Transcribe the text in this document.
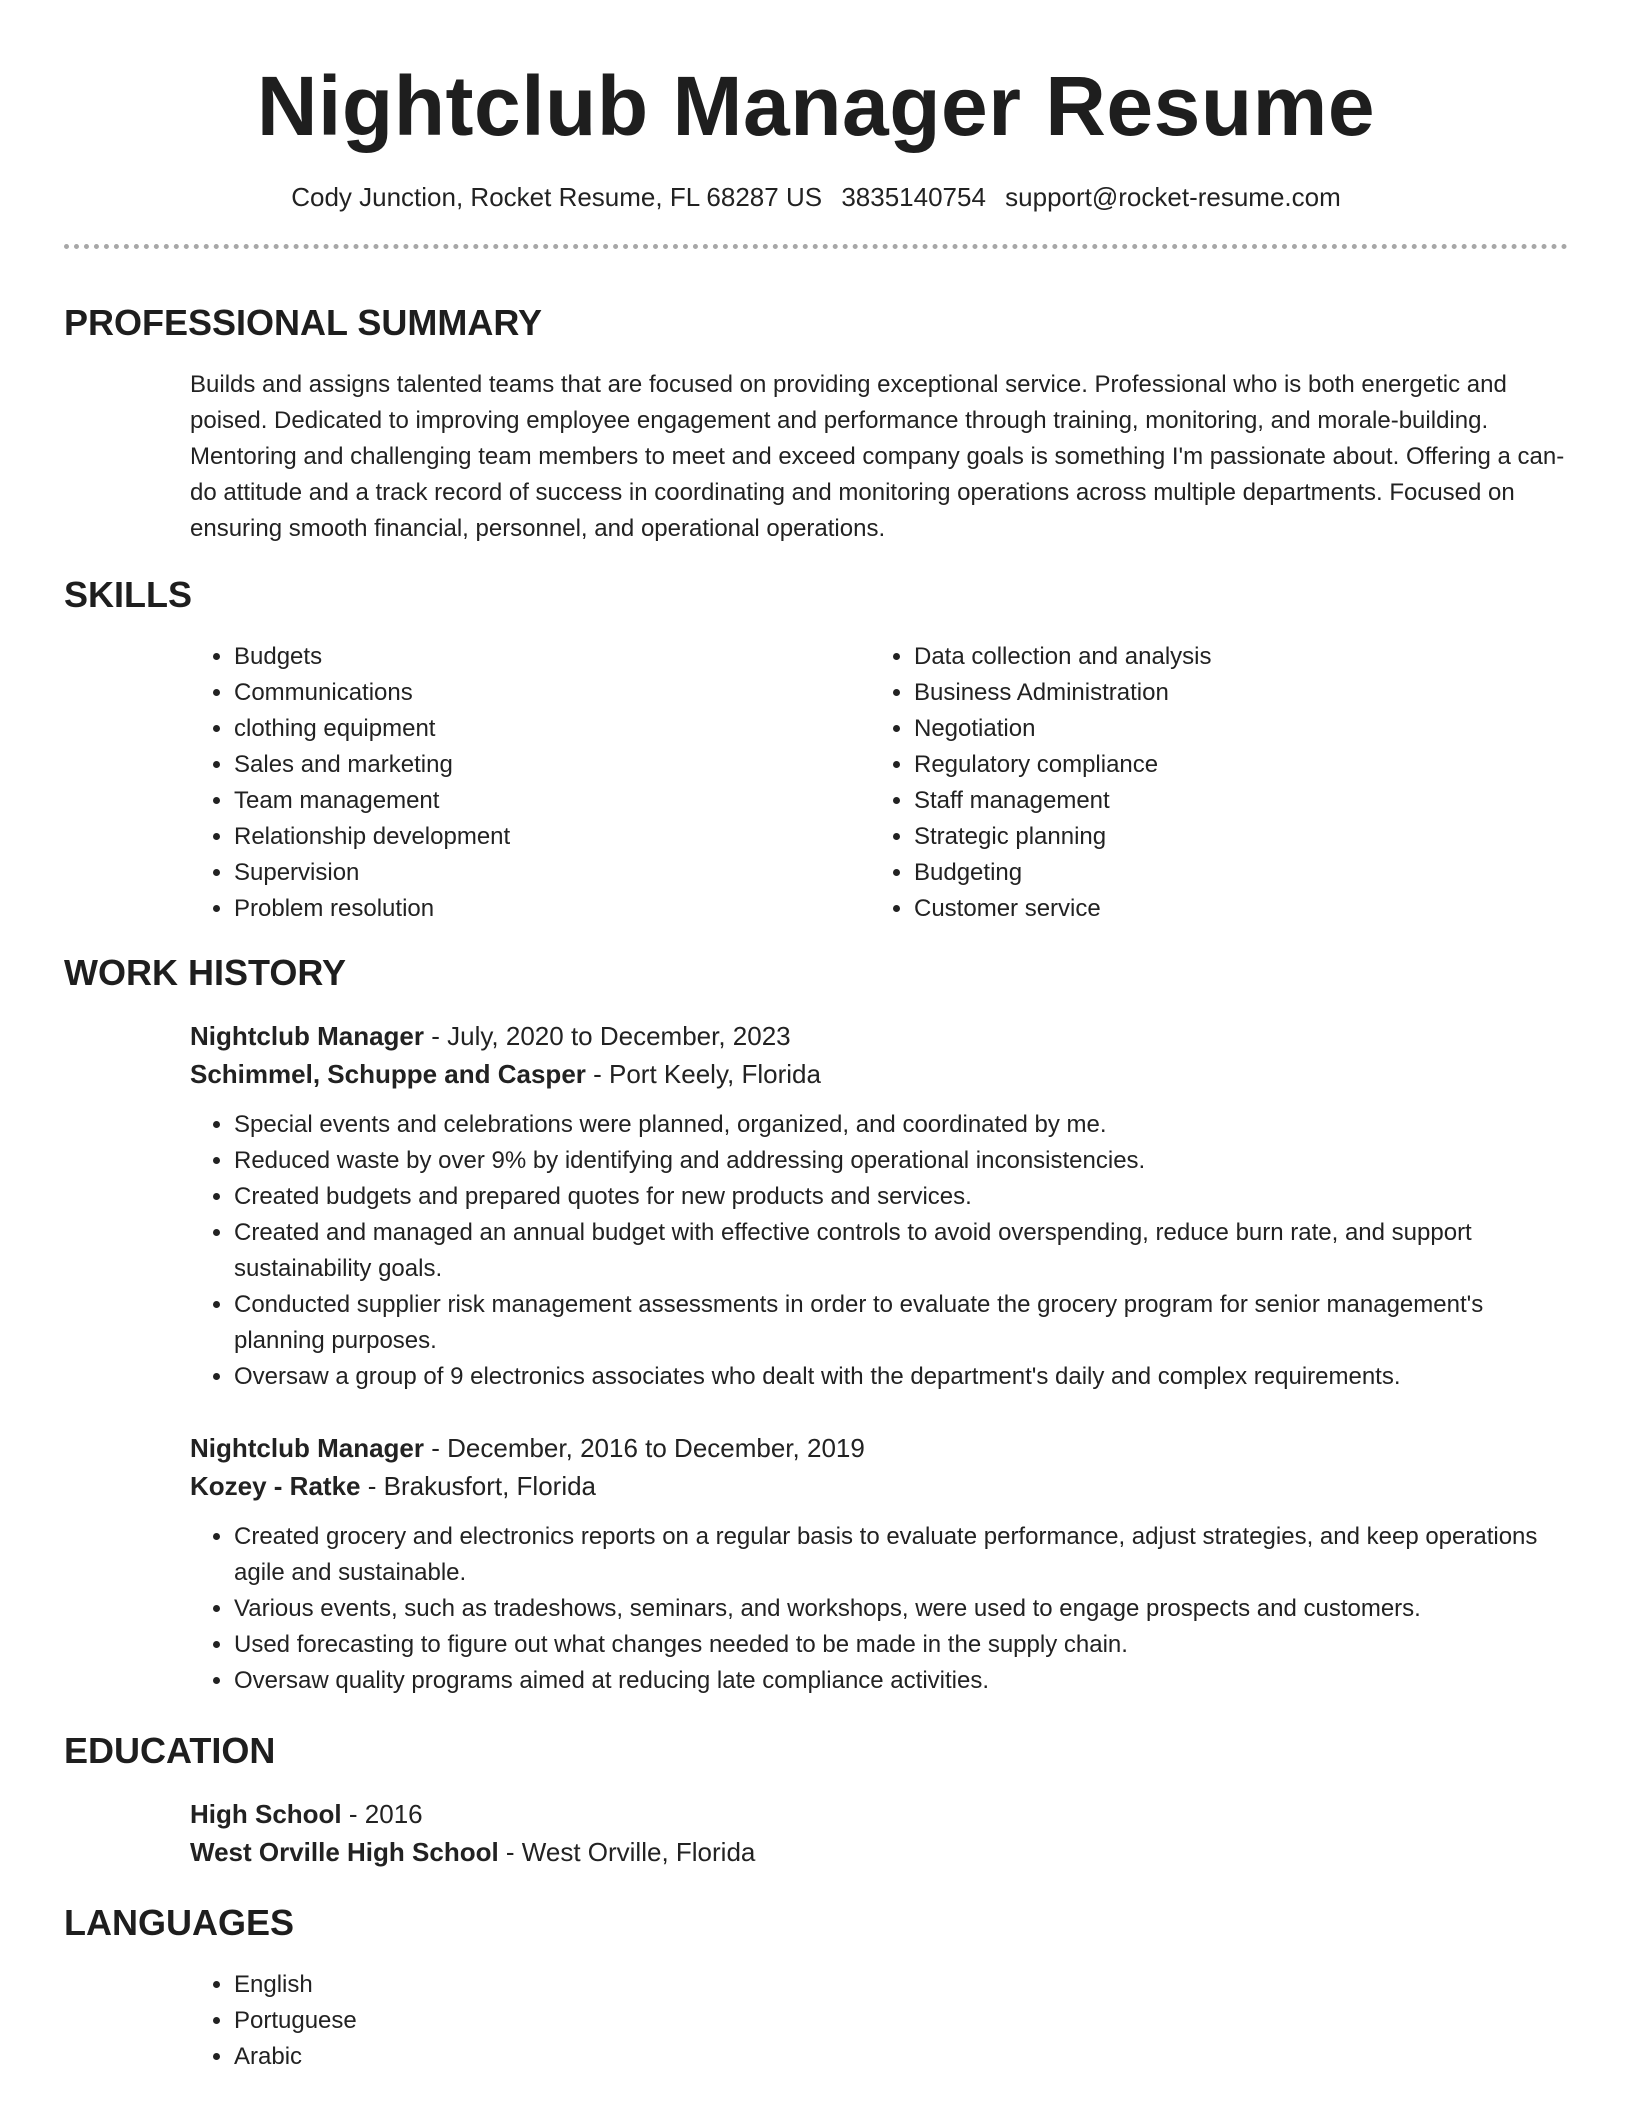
Nightclub Manager Resume
Cody Junction, Rocket Resume, FL 68287 US 3835140754 support@rocket-resume.com
PROFESSIONAL SUMMARY
Builds and assigns talented teams that are focused on providing exceptional service. Professional who is both energetic and poised. Dedicated to improving employee engagement and performance through training, monitoring, and morale-building. Mentoring and challenging team members to meet and exceed company goals is something I'm passionate about. Offering a can-do attitude and a track record of success in coordinating and monitoring operations across multiple departments. Focused on ensuring smooth financial, personnel, and operational operations.
SKILLS
• Budgets
• Communications
• clothing equipment
• Sales and marketing
• Team management
• Relationship development
• Supervision
• Problem resolution
• Data collection and analysis
• Business Administration
• Negotiation
• Regulatory compliance
• Staff management
• Strategic planning
• Budgeting
• Customer service
WORK HISTORY
Nightclub Manager - July, 2020 to December, 2023
Schimmel, Schuppe and Casper - Port Keely, Florida
• Special events and celebrations were planned, organized, and coordinated by me.
• Reduced waste by over 9% by identifying and addressing operational inconsistencies.
• Created budgets and prepared quotes for new products and services.
• Created and managed an annual budget with effective controls to avoid overspending, reduce burn rate, and support sustainability goals.
• Conducted supplier risk management assessments in order to evaluate the grocery program for senior management's planning purposes.
• Oversaw a group of 9 electronics associates who dealt with the department's daily and complex requirements.
Nightclub Manager - December, 2016 to December, 2019
Kozey - Ratke - Brakusfort, Florida
• Created grocery and electronics reports on a regular basis to evaluate performance, adjust strategies, and keep operations agile and sustainable.
• Various events, such as tradeshows, seminars, and workshops, were used to engage prospects and customers.
• Used forecasting to figure out what changes needed to be made in the supply chain.
• Oversaw quality programs aimed at reducing late compliance activities.
EDUCATION
High School - 2016
West Orville High School - West Orville, Florida
LANGUAGES
• English
• Portuguese
• Arabic
